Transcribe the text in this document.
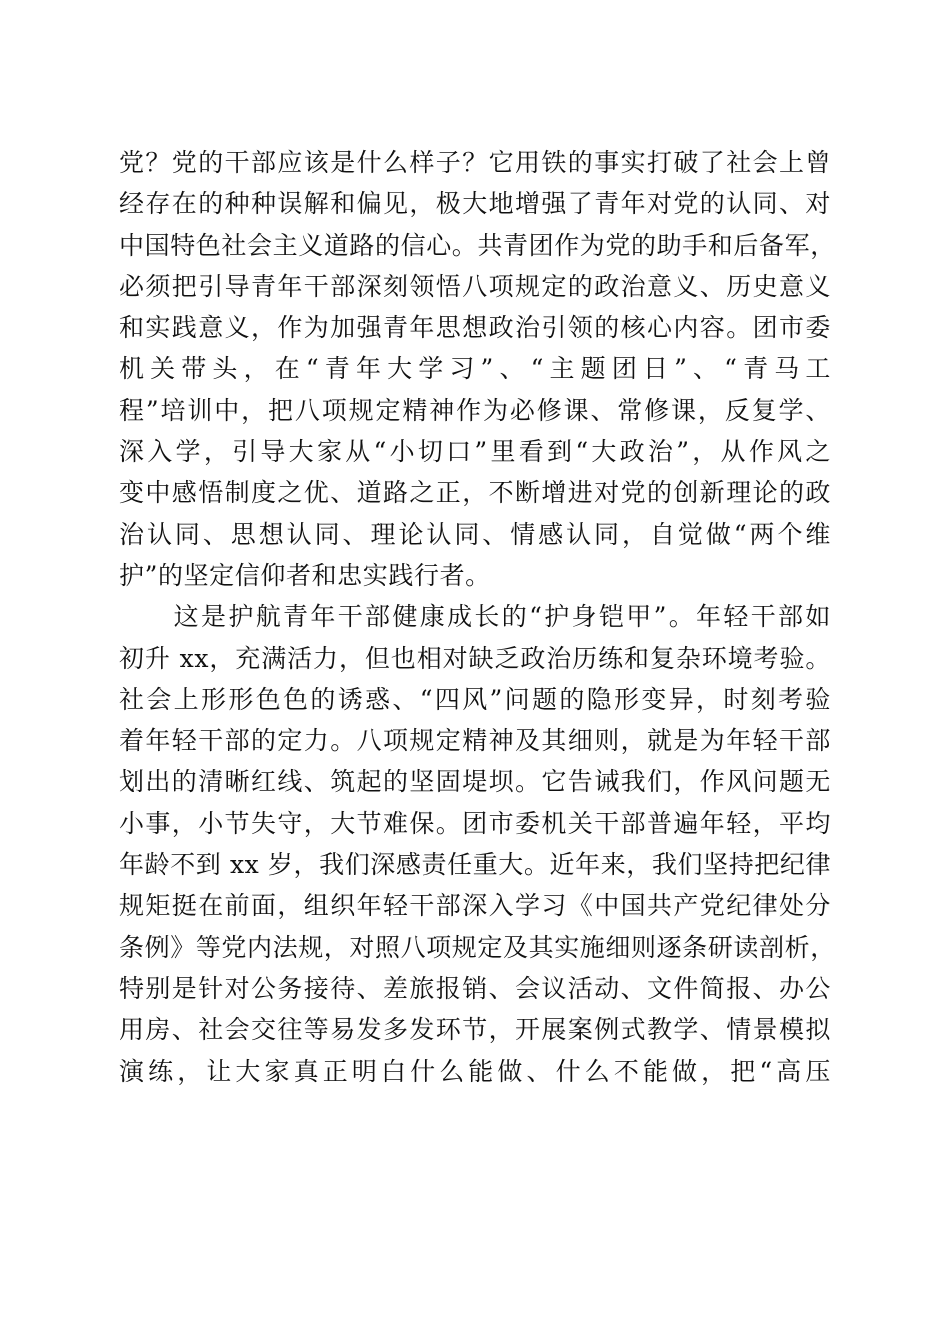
党？党的干部应该是什么样子？它用铁的事实打破了社会上曾
经存在的种种误解和偏见，极大地增强了青年对党的认同、对
中国特色社会主义道路的信心。共青团作为党的助手和后备军，
必须把引导青年干部深刻领悟八项规定的政治意义、历史意义
和实践意义，作为加强青年思想政治引领的核心内容。团市委
机关带头，在“青年大学习”、“主题团日”、“青马工
程”培训中，把八项规定精神作为必修课、常修课，反复学、
深入学，引导大家从“小切口”里看到“大政治”，从作风之
变中感悟制度之优、道路之正，不断增进对党的创新理论的政
治认同、思想认同、理论认同、情感认同，自觉做“两个维
护”的坚定信仰者和忠实践行者。
　　这是护航青年干部健康成长的“护身铠甲”。年轻干部如
初升 xx，充满活力，但也相对缺乏政治历练和复杂环境考验。
社会上形形色色的诱惑、“四风”问题的隐形变异，时刻考验
着年轻干部的定力。八项规定精神及其细则，就是为年轻干部
划出的清晰红线、筑起的坚固堤坝。它告诫我们，作风问题无
小事，小节失守，大节难保。团市委机关干部普遍年轻，平均
年龄不到 xx 岁，我们深感责任重大。近年来，我们坚持把纪律
规矩挺在前面，组织年轻干部深入学习《中国共产党纪律处分
条例》等党内法规，对照八项规定及其实施细则逐条研读剖析，
特别是针对公务接待、差旅报销、会议活动、文件简报、办公
用房、社会交往等易发多发环节，开展案例式教学、情景模拟
演练，让大家真正明白什么能做、什么不能做，把“高压
